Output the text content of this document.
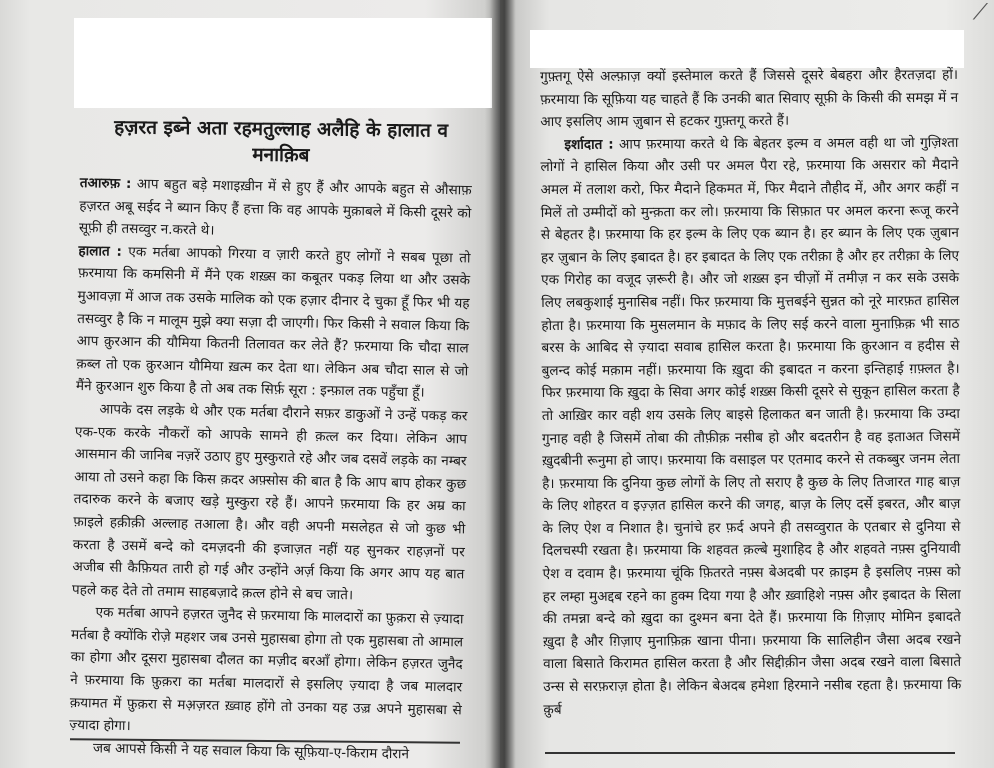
हज़रत इब्ने अता रहमतुल्लाह अलैहि के हालात व मनाक़िब

तआरुफ़ : आप बहुत बड़े मशाइख़ीन में से हुए हैं और आपके बहुत से औसाफ़ हज़रत अबू सईद ने ब्यान किए हैं हत्ता कि वह आपके मुक़ाबले में किसी दूसरे को सूफ़ी ही तसव्वुर न.करते थे।

हालात : एक मर्तबा आपको गिरया व ज़ारी करते हुए लोगों ने सबब पूछा तो फ़रमाया कि कमसिनी में मैंने एक शख़्स का कबूतर पकड़ लिया था और उसके मुआवज़ा में आज तक उसके मालिक को एक हज़ार दीनार दे चुका हूँ फिर भी यह तसव्वुर है कि न मालूम मुझे क्या सज़ा दी जाएगी। फिर किसी ने सवाल किया कि आप क़ुरआन की यौमिया कितनी तिलावत कर लेते हैं? फ़रमाया कि चौदा साल क़ब्ल तो एक क़ुरआन यौमिया ख़त्म कर देता था। लेकिन अब चौदा साल से जो मैंने क़ुरआन शुरु किया है तो अब तक सिर्फ़ सूरा : इन्फ़ाल तक पहुँचा हूँ।

आपके दस लड़के थे और एक मर्तबा दौराने सफ़र डाकुओं ने उन्हें पकड़ कर एक-एक करके नौकरों को आपके सामने ही क़त्ल कर दिया। लेकिन आप आसमान की जानिब नज़रें उठाए हुए मुस्कुराते रहे और जब दसवें लड़के का नम्बर आया तो उसने कहा कि किस क़दर अफ़्सोस की बात है कि आप बाप होकर कुछ तदारुक करने के बजाए खड़े मुस्कुरा रहे हैं। आपने फ़रमाया कि हर अम्र का फ़ाइले हक़ीक़ी अल्लाह तआला है। और वही अपनी मसलेहत से जो कुछ भी करता है उसमें बन्दे को दमज़दनी की इजाज़त नहीं यह सुनकर राहज़नों पर अजीब सी कैफ़ियत तारी हो गई और उन्होंने अर्ज़ किया कि अगर आप यह बात पहले कह देते तो तमाम साहबज़ादे क़त्ल होने से बच जाते।

एक मर्तबा आपने हज़रत जुनैद से फ़रमाया कि मालदारों का फ़ुक़रा से ज़्यादा मर्तबा है क्योंकि रोज़े महशर जब उनसे मुहासबा होगा तो एक मुहासबा तो आमाल का होगा और दूसरा मुहासबा दौलत का मज़ीद बरआँ होगा। लेकिन हज़रत जुनैद ने फ़रमाया कि फ़ुक़रा का मर्तबा मालदारों से इसलिए ज़्यादा है जब मालदार क़यामत में फ़ुक़रा से मअ़ज़रत ख़्वाह होंगे तो उनका यह उज़्र अपने मुहासबा से ज़्यादा होगा।

जब आपसे किसी ने यह सवाल किया कि सूफ़िया-ए-किराम दौराने

गुफ़्तगू ऐसे अल्फ़ाज़ क्यों इस्तेमाल करते हैं जिससे दूसरे बेबहरा और हैरतज़दा हों। फ़रमाया कि सूफ़िया यह चाहते हैं कि उनकी बात सिवाए सूफ़ी के किसी की समझ में न आए इसलिए आम ज़ुबान से हटकर गुफ़्तगू करते हैं।

इर्शादात : आप फ़रमाया करते थे कि बेहतर इल्म व अमल वही था जो गुज़िश्ता लोगों ने हासिल किया और उसी पर अमल पैरा रहे, फ़रमाया कि असरार को मैदाने अमल में तलाश करो, फिर मैदाने हिकमत में, फिर मैदाने तौहीद में, और अगर कहीं न मिलें तो उम्मीदों को मुन्क़ता कर लो। फ़रमाया कि सिफ़ात पर अमल करना रूजू करने से बेहतर है। फ़रमाया कि हर इल्म के लिए एक ब्यान है। हर ब्यान के लिए एक ज़ुबान हर ज़ुबान के लिए इबादत है। हर इबादत के लिए एक तरीक़ा है और हर तरीक़ा के लिए एक गिरोह का वजूद ज़रूरी है। और जो शख़्स इन चीज़ों में तमीज़ न कर सके उसके लिए लबकुशाई मुनासिब नहीं। फिर फ़रमाया कि मुत्तबईने सुन्नत को नूरे मारफ़त हासिल होता है। फ़रमाया कि मुसलमान के मफ़ाद के लिए सई करने वाला मुनाफ़िक़ भी साठ बरस के आबिद से ज़्यादा सवाब हासिल करता है। फ़रमाया कि क़ुरआन व हदीस से बुलन्द कोई मक़ाम नहीं। फ़रमाया कि ख़ुदा की इबादत न करना इन्तिहाई ग़फ़्लत है। फिर फ़रमाया कि ख़ुदा के सिवा अगर कोई शख़्स किसी दूसरे से सुकून हासिल करता है तो आख़िर कार वही शय उसके लिए बाइसे हिलाकत बन जाती है। फ़रमाया कि उम्दा गुनाह वही है जिसमें तोबा की तौफ़ीक़ नसीब हो और बदतरीन है वह इताअत जिसमें ख़ुदबीनी रूनुमा हो जाए। फ़रमाया कि वसाइल पर एतमाद करने से तकब्बुर जनम लेता है। फ़रमाया कि दुनिया कुछ लोगों के लिए तो सराए है कुछ के लिए तिजारत गाह बाज़ के लिए शोहरत व इज़्ज़त हासिल करने की जगह, बाज़ के लिए दर्से इबरत, और बाज़ के लिए ऐश व निशात है। चुनांचे हर फ़र्द अपने ही तसव्वुरात के एतबार से दुनिया से दिलचस्पी रखता है। फ़रमाया कि शहवत क़ल्बे मुशाहिद है और शहवते नफ़्स दुनियावी ऐश व दवाम है। फ़रमाया चूंकि फ़ितरते नफ़्स बेअदबी पर क़ाइम है इसलिए नफ़्स को हर लम्हा मुअद्दब रहने का हुक्म दिया गया है और ख़्वाहिशे नफ़्स और इबादत के सिला की तमन्ना बन्दे को ख़ुदा का दुश्मन बना देते हैं। फ़रमाया कि ग़िज़ाए मोमिन इबादते ख़ुदा है और ग़िज़ाए मुनाफ़िक़ खाना पीना। फ़रमाया कि सालिहीन जैसा अदब रखने वाला बिसाते किरामत हासिल करता है और सिद्दीक़ीन जैसा अदब रखने वाला बिसाते उन्स से सरफ़राज़ होता है। लेकिन बेअदब हमेशा हिरमाने नसीब रहता है। फ़रमाया कि क़ुर्ब

⟋
